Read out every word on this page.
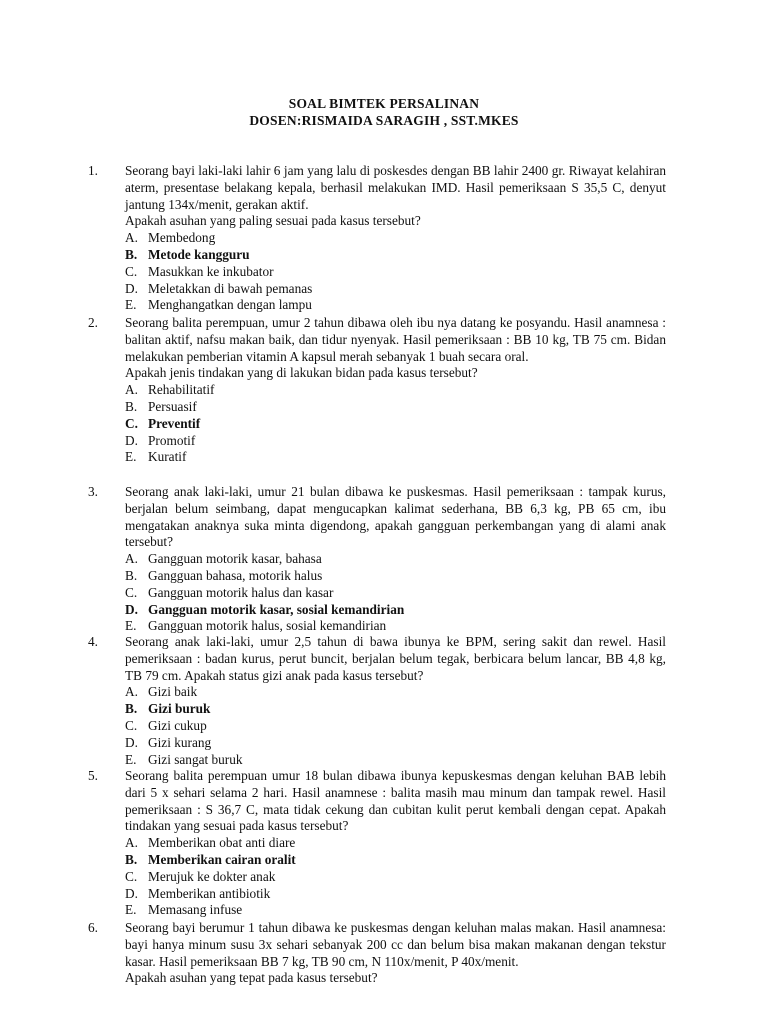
SOAL BIMTEK PERSALINAN
DOSEN:RISMAIDA SARAGIH , SST.MKES
1. Seorang bayi laki-laki lahir 6 jam yang lalu di poskesdes dengan BB lahir 2400 gr. Riwayat kelahiran aterm, presentase belakang kepala, berhasil melakukan IMD. Hasil pemeriksaan S 35,5 C, denyut jantung 134x/menit, gerakan aktif.

Apakah asuhan yang paling sesuai pada kasus tersebut?

A. Membedong
B. Metode kangguru
C. Masukkan ke inkubator
D. Meletakkan di bawah pemanas
E. Menghangatkan dengan lampu
2. Seorang balita perempuan, umur 2 tahun dibawa oleh ibu nya datang ke posyandu. Hasil anamnesa : balitan aktif, nafsu makan baik, dan tidur nyenyak. Hasil pemeriksaan : BB 10 kg, TB 75 cm. Bidan melakukan pemberian vitamin A kapsul merah sebanyak 1 buah secara oral.

Apakah jenis tindakan yang di lakukan bidan pada kasus tersebut?

A. Rehabilitatif
B. Persuasif
C. Preventif
D. Promotif
E. Kuratif
3. Seorang anak laki-laki, umur 21 bulan dibawa ke puskesmas. Hasil pemeriksaan : tampak kurus, berjalan belum seimbang, dapat mengucapkan kalimat sederhana, BB 6,3 kg, PB 65 cm, ibu mengatakan anaknya suka minta digendong, apakah gangguan perkembangan yang di alami anak tersebut?

A. Gangguan motorik kasar, bahasa
B. Gangguan bahasa, motorik halus
C. Gangguan motorik halus dan kasar
D. Gangguan motorik kasar, sosial kemandirian
E. Gangguan motorik halus, sosial kemandirian
4. Seorang anak laki-laki, umur 2,5 tahun di bawa ibunya ke BPM, sering sakit dan rewel. Hasil pemeriksaan : badan kurus, perut buncit, berjalan belum tegak, berbicara belum lancar, BB 4,8 kg, TB 79 cm. Apakah status gizi anak pada kasus tersebut?

A. Gizi baik
B. Gizi buruk
C. Gizi cukup
D. Gizi kurang
E. Gizi sangat buruk
5. Seorang balita perempuan umur 18 bulan dibawa ibunya kepuskesmas dengan keluhan BAB lebih dari 5 x sehari selama 2 hari. Hasil anamnese : balita masih mau minum dan tampak rewel. Hasil pemeriksaan : S 36,7 C, mata tidak cekung dan cubitan kulit perut kembali dengan cepat. Apakah tindakan yang sesuai pada kasus tersebut?

A. Memberikan obat anti diare
B. Memberikan cairan oralit
C. Merujuk ke dokter anak
D. Memberikan antibiotik
E. Memasang infuse
6. Seorang bayi berumur 1 tahun dibawa ke puskesmas dengan keluhan malas makan. Hasil anamnesa: bayi hanya minum susu 3x sehari sebanyak 200 cc dan belum bisa makan makanan dengan tekstur kasar. Hasil pemeriksaan BB 7 kg, TB 90 cm, N 110x/menit, P 40x/menit.

Apakah asuhan yang tepat pada kasus tersebut?
